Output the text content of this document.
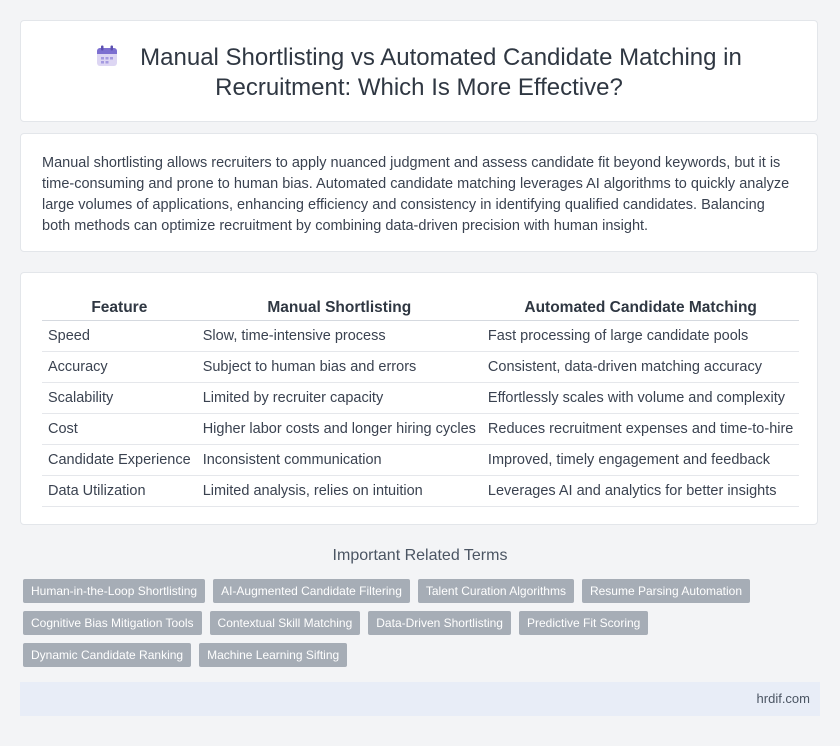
Manual Shortlisting vs Automated Candidate Matching in
Recruitment: Which Is More Effective?

Manual shortlisting allows recruiters to apply nuanced judgment and assess candidate fit beyond keywords, but it is time-consuming and prone to human bias. Automated candidate matching leverages AI algorithms to quickly analyze large volumes of applications, enhancing efficiency and consistency in identifying qualified candidates. Balancing both methods can optimize recruitment by combining data-driven precision with human insight.

Feature	Manual Shortlisting	Automated Candidate Matching
Speed	Slow, time-intensive process	Fast processing of large candidate pools
Accuracy	Subject to human bias and errors	Consistent, data-driven matching accuracy
Scalability	Limited by recruiter capacity	Effortlessly scales with volume and complexity
Cost	Higher labor costs and longer hiring cycles	Reduces recruitment expenses and time-to-hire
Candidate Experience	Inconsistent communication	Improved, timely engagement and feedback
Data Utilization	Limited analysis, relies on intuition	Leverages AI and analytics for better insights
Important Related Terms
Human-in-the-Loop Shortlisting	AI-Augmented Candidate Filtering	Talent Curation Algorithms	Resume Parsing Automation
Cognitive Bias Mitigation Tools	Contextual Skill Matching	Data-Driven Shortlisting	Predictive Fit Scoring
Dynamic Candidate Ranking	Machine Learning Sifting
hrdif.com
